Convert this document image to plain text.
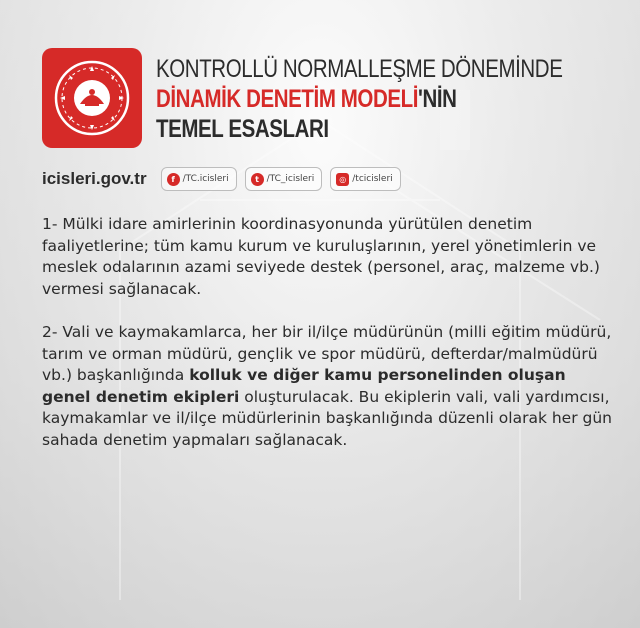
KONTROLLÜ NORMALLEŞME DÖNEMİNDE
DİNAMİK DENETİM MODELİ'NİN
TEMEL ESASLARI
icisleri.gov.tr	f /TC.icisleri	t /TC_icisleri	◎ /tcicisleri

1- Mülki idare amirlerinin koordinasyonunda yürütülen denetim faaliyetlerine; tüm kamu kurum ve kuruluşlarının, yerel yönetimlerin ve meslek odalarının azami seviyede destek (personel, araç, malzeme vb.) vermesi sağlanacak.

2- Vali ve kaymakamlarca, her bir il/ilçe müdürünün (milli eğitim müdürü, tarım ve orman müdürü, gençlik ve spor müdürü, defterdar/malmüdürü vb.) başkanlığında kolluk ve diğer kamu personelinden oluşan genel denetim ekipleri oluşturulacak. Bu ekiplerin vali, vali yardımcısı, kaymakamlar ve il/ilçe müdürlerinin başkanlığında düzenli olarak her gün sahada denetim yapmaları sağlanacak.
